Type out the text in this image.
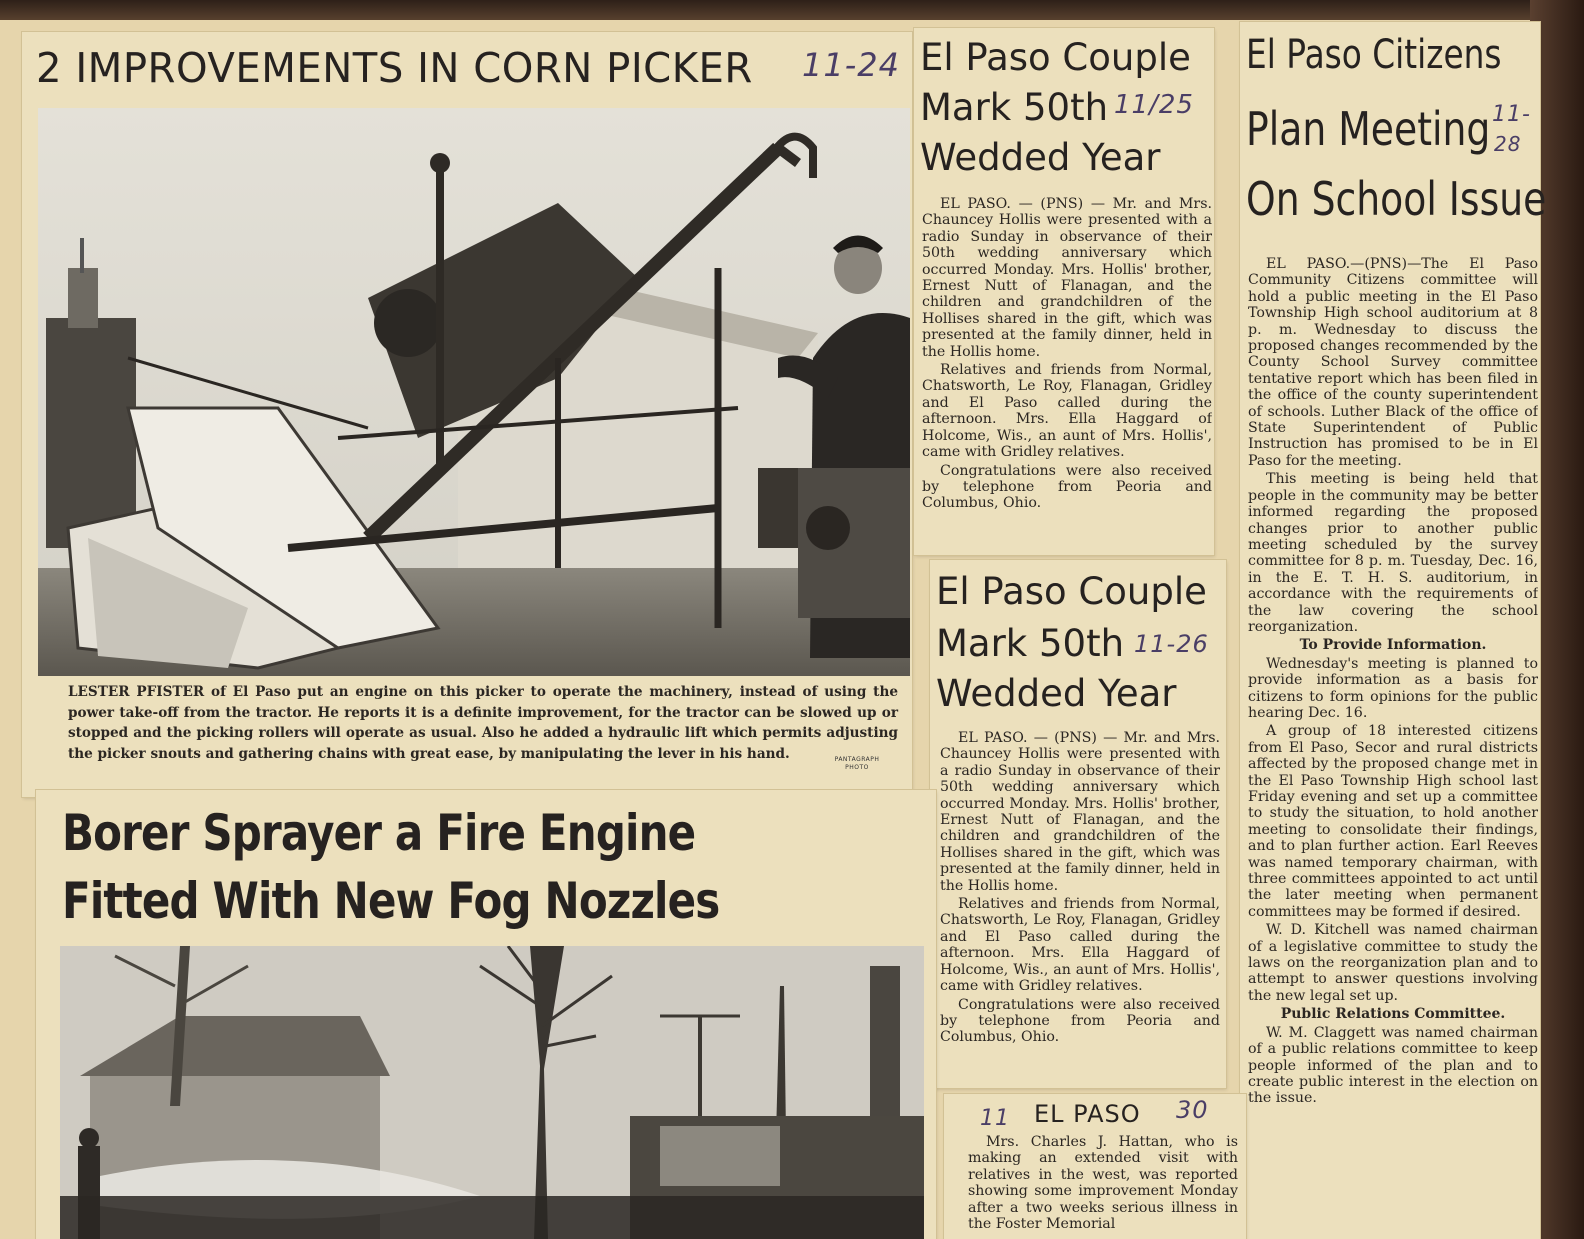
2 IMPROVEMENTS IN CORN PICKER 11-24

LESTER PFISTER of El Paso put an engine on this picker to operate the machinery, instead of using the power take-off from the tractor. He reports it is a definite improvement, for the tractor can be slowed up or stopped and the picking rollers will operate as usual. Also he added a hydraulic lift which permits adjusting the picker snouts and gathering chains with great ease, by manipulating the lever in his hand.	PANTAGRAPH
PHOTO
El Paso Couple
Mark 50th 11/25
Wedded Year

EL PASO. — (PNS) — Mr. and Mrs. Chauncey Hollis were presented with a radio Sunday in observance of their 50th wedding anniversary which occurred Monday. Mrs. Hollis' brother, Ernest Nutt of Flanagan, and the children and grandchildren of the Hollises shared in the gift, which was presented at the family dinner, held in the Hollis home.

Relatives and friends from Normal, Chatsworth, Le Roy, Flanagan, Gridley and El Paso called during the afternoon. Mrs. Ella Haggard of Holcome, Wis., an aunt of Mrs. Hollis', came with Gridley relatives.

Congratulations were also received by telephone from Peoria and Columbus, Ohio.

El Paso Couple
Mark 50th 11-26
Wedded Year

EL PASO. — (PNS) — Mr. and Mrs. Chauncey Hollis were presented with a radio Sunday in observance of their 50th wedding anniversary which occurred Monday. Mrs. Hollis' brother, Ernest Nutt of Flanagan, and the children and grandchildren of the Hollises shared in the gift, which was presented at the family dinner, held in the Hollis home.

Relatives and friends from Normal, Chatsworth, Le Roy, Flanagan, Gridley and El Paso called during the afternoon. Mrs. Ella Haggard of Holcome, Wis., an aunt of Mrs. Hollis', came with Gridley relatives.

Congratulations were also received by telephone from Peoria and Columbus, Ohio.

El Paso Citizens
Plan Meeting 11-
28
On School Issue

EL PASO.—(PNS)—The El Paso Community Citizens committee will hold a public meeting in the El Paso Township High school auditorium at 8 p. m. Wednesday to discuss the proposed changes recommended by the County School Survey committee tentative report which has been filed in the office of the county superintendent of schools. Luther Black of the office of State Superintendent of Public Instruction has promised to be in El Paso for the meeting.

This meeting is being held that people in the community may be better informed regarding the proposed changes prior to another public meeting scheduled by the survey committee for 8 p. m. Tuesday, Dec. 16, in the E. T. H. S. auditorium, in accordance with the requirements of the law covering the school reorganization.

To Provide Information.

Wednesday's meeting is planned to provide information as a basis for citizens to form opinions for the public hearing Dec. 16.

A group of 18 interested citizens from El Paso, Secor and rural districts affected by the proposed change met in the El Paso Township High school last Friday evening and set up a committee to study the situation, to hold another meeting to consolidate their findings, and to plan further action. Earl Reeves was named temporary chairman, with three committees appointed to act until the later meeting when permanent committees may be formed if desired.

W. D. Kitchell was named chairman of a legislative committee to study the laws on the reorganization plan and to attempt to answer questions involving the new legal set up.

Public Relations Committee.

W. M. Claggett was named chairman of a public relations committee to keep people informed of the plan and to create public interest in the election on the issue.

Borer Sprayer a Fire Engine
Fitted With New Fog Nozzles
11 EL PASO 30

Mrs. Charles J. Hattan, who is making an extended visit with relatives in the west, was reported showing some improvement Monday after a two weeks serious illness in the Foster Memorial
